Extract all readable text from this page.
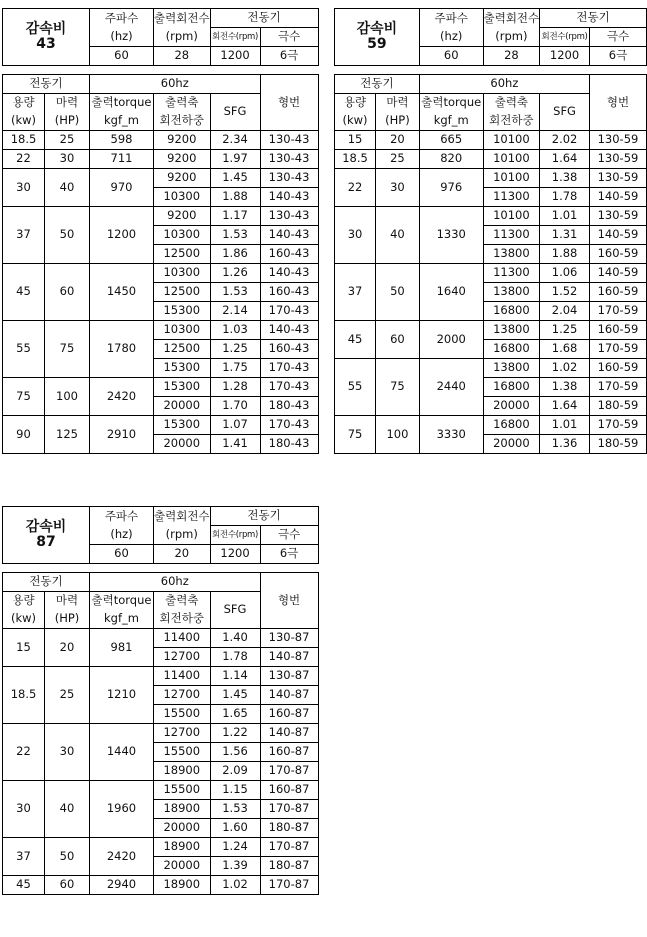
감속비
43		주파수	출력회전수	전동기	
		(hz)	(rpm)	회전수(rpm)	극수
		60	28	1200	6극

전동기		60hz			형번
용량	마력	출력torque	출력축	SFG	
(kw)	(HP)	kgf_m	회전하중		
18.5	25	598	9200	2.34	130-43
22	30	711	9200	1.97	130-43
30	40	970	9200	1.45	130-43
			10300	1.88	140-43
37	50	1200	9200	1.17	130-43
			10300	1.53	140-43
			12500	1.86	160-43
45	60	1450	10300	1.26	140-43
			12500	1.53	160-43
			15300	2.14	170-43
55	75	1780	10300	1.03	140-43
			12500	1.25	160-43
			15300	1.75	170-43
75	100	2420	15300	1.28	170-43
			20000	1.70	180-43
90	125	2910	15300	1.07	170-43
			20000	1.41	180-43
감속비
59		주파수	출력회전수	전동기	
		(hz)	(rpm)	회전수(rpm)	극수
		60	28	1200	6극

전동기		60hz			형번
용량	마력	출력torque	출력축	SFG	
(kw)	(HP)	kgf_m	회전하중		
15	20	665	10100	2.02	130-59
18.5	25	820	10100	1.64	130-59
22	30	976	10100	1.38	130-59
			11300	1.78	140-59
30	40	1330	10100	1.01	130-59
			11300	1.31	140-59
			13800	1.88	160-59
37	50	1640	11300	1.06	140-59
			13800	1.52	160-59
			16800	2.04	170-59
45	60	2000	13800	1.25	160-59
			16800	1.68	170-59
55	75	2440	13800	1.02	160-59
			16800	1.38	170-59
			20000	1.64	180-59
75	100	3330	16800	1.01	170-59
			20000	1.36	180-59
감속비
87		주파수	출력회전수	전동기	
		(hz)	(rpm)	회전수(rpm)	극수
		60	20	1200	6극

전동기		60hz			형번
용량	마력	출력torque	출력축	SFG	
(kw)	(HP)	kgf_m	회전하중		
15	20	981	11400	1.40	130-87
			12700	1.78	140-87
18.5	25	1210	11400	1.14	130-87
			12700	1.45	140-87
			15500	1.65	160-87
22	30	1440	12700	1.22	140-87
			15500	1.56	160-87
			18900	2.09	170-87
30	40	1960	15500	1.15	160-87
			18900	1.53	170-87
			20000	1.60	180-87
37	50	2420	18900	1.24	170-87
			20000	1.39	180-87
45	60	2940	18900	1.02	170-87
